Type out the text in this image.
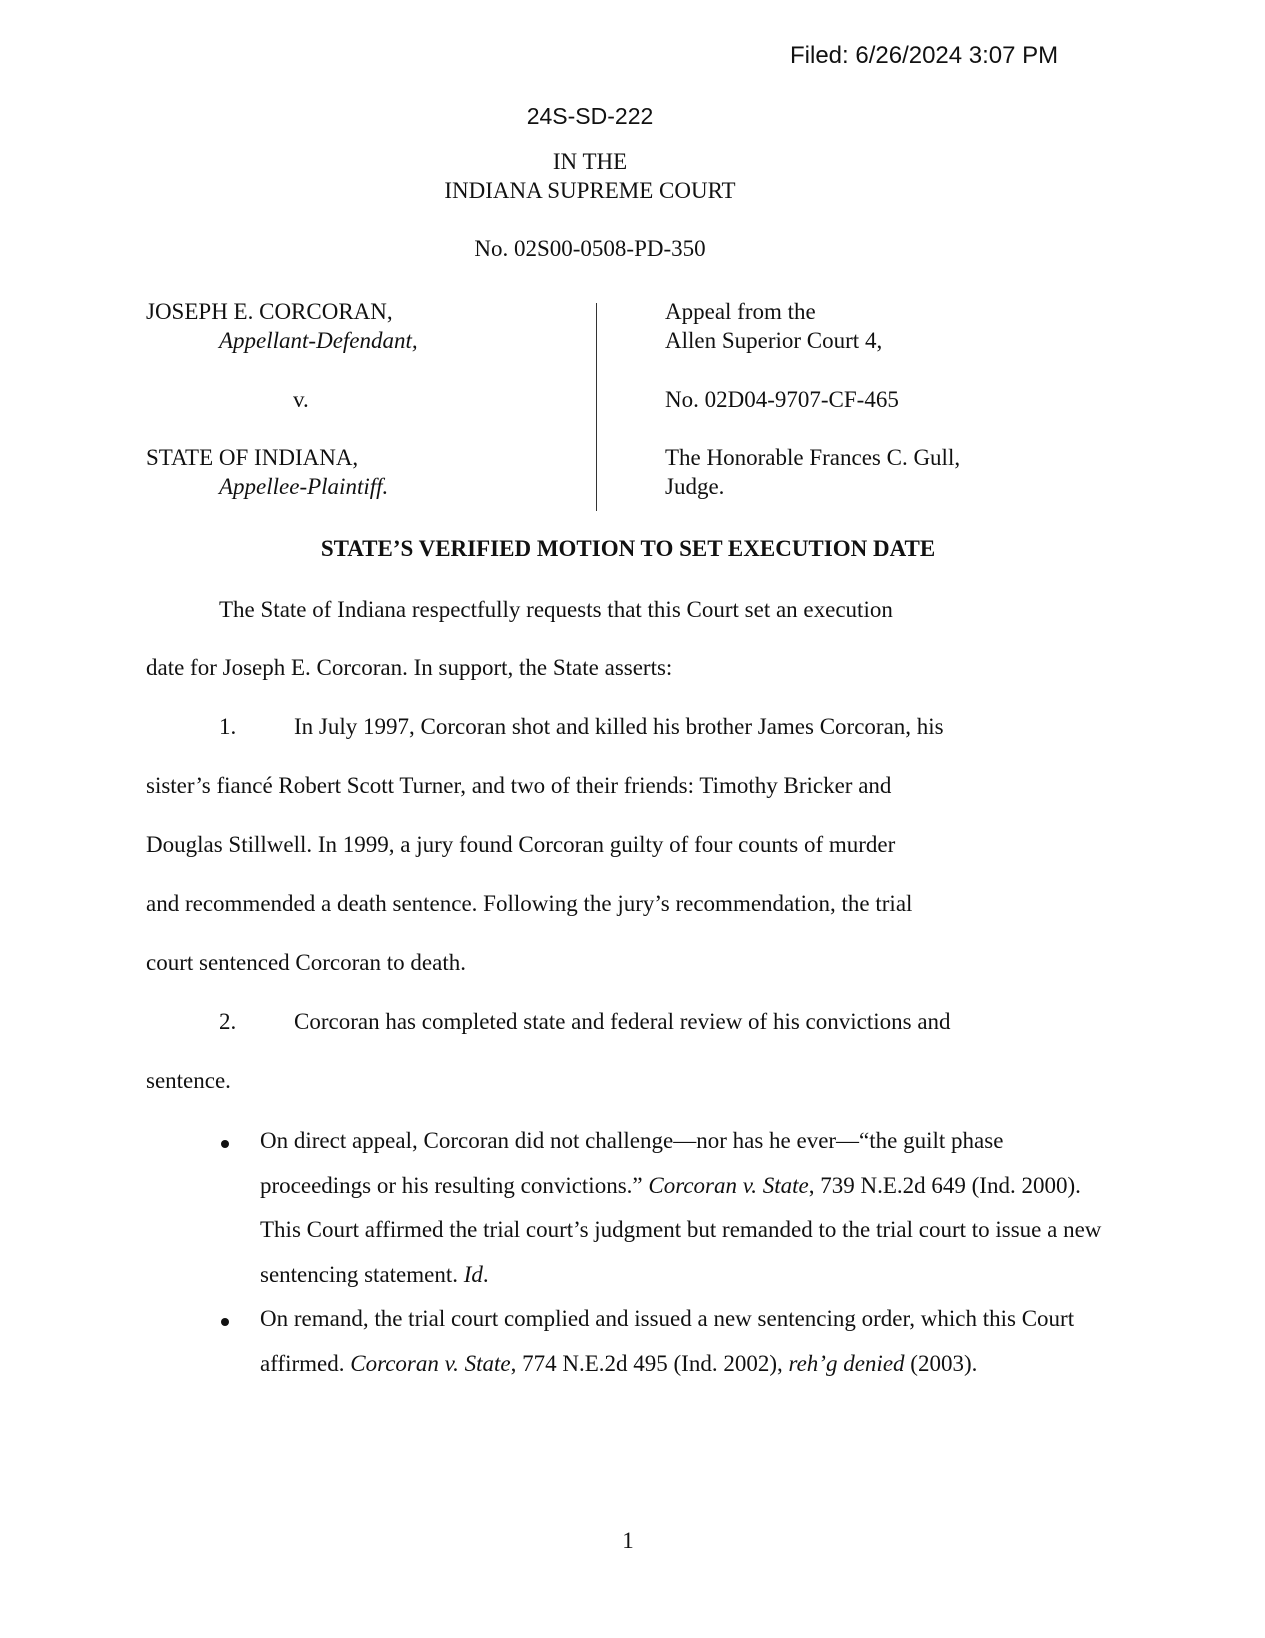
Filed: 6/26/2024 3:07 PM
24S-SD-222
IN THE
INDIANA SUPREME COURT
No. 02S00-0508-PD-350
JOSEPH E. CORCORAN,
Appellant-Defendant,
v.
STATE OF INDIANA,
Appellee-Plaintiff.
Appeal from the
Allen Superior Court 4,
No. 02D04-9707-CF-465
The Honorable Frances C. Gull,
Judge.
STATE’S VERIFIED MOTION TO SET EXECUTION DATE
The State of Indiana respectfully requests that this Court set an execution
date for Joseph E. Corcoran. In support, the State asserts:
1.	In July 1997, Corcoran shot and killed his brother James Corcoran, his
sister’s fiancé Robert Scott Turner, and two of their friends: Timothy Bricker and
Douglas Stillwell. In 1999, a jury found Corcoran guilty of four counts of murder
and recommended a death sentence. Following the jury’s recommendation, the trial
court sentenced Corcoran to death.
2.	Corcoran has completed state and federal review of his convictions and
sentence.
On direct appeal, Corcoran did not challenge—nor has he ever—“the guilt phase proceedings or his resulting convictions.” Corcoran v. State, 739 N.E.2d 649 (Ind. 2000). This Court affirmed the trial court’s judgment but remanded to the trial court to issue a new sentencing statement. Id.
On remand, the trial court complied and issued a new sentencing order, which this Court affirmed. Corcoran v. State, 774 N.E.2d 495 (Ind. 2002), reh’g denied (2003).
1
